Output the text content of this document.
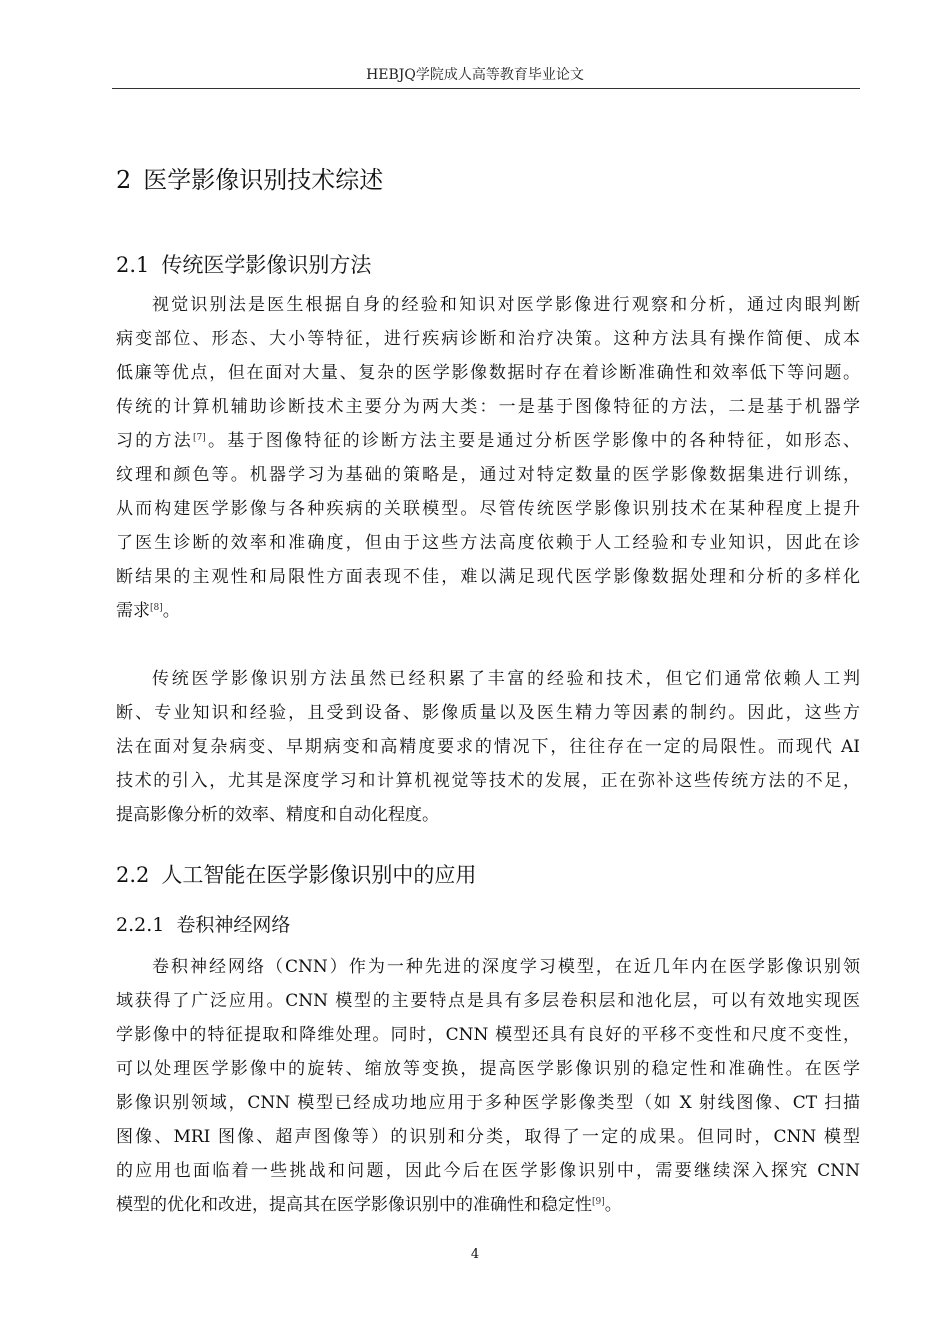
HEBJQ学院成人高等教育毕业论文
2 医学影像识别技术综述
2.1 传统医学影像识别方法
视觉识别法是医生根据自身的经验和知识对医学影像进行观察和分析，通过肉眼判断
病变部位、形态、大小等特征，进行疾病诊断和治疗决策。这种方法具有操作简便、成本
低廉等优点，但在面对大量、复杂的医学影像数据时存在着诊断准确性和效率低下等问题。
传统的计算机辅助诊断技术主要分为两大类：一是基于图像特征的方法，二是基于机器学
习的方法[7]。基于图像特征的诊断方法主要是通过分析医学影像中的各种特征，如形态、
纹理和颜色等。机器学习为基础的策略是，通过对特定数量的医学影像数据集进行训练，
从而构建医学影像与各种疾病的关联模型。尽管传统医学影像识别技术在某种程度上提升
了医生诊断的效率和准确度，但由于这些方法高度依赖于人工经验和专业知识，因此在诊
断结果的主观性和局限性方面表现不佳，难以满足现代医学影像数据处理和分析的多样化
需求[8]。
传统医学影像识别方法虽然已经积累了丰富的经验和技术，但它们通常依赖人工判
断、专业知识和经验，且受到设备、影像质量以及医生精力等因素的制约。因此，这些方
法在面对复杂病变、早期病变和高精度要求的情况下，往往存在一定的局限性。而现代 AI
技术的引入，尤其是深度学习和计算机视觉等技术的发展，正在弥补这些传统方法的不足，
提高影像分析的效率、精度和自动化程度。
2.2 人工智能在医学影像识别中的应用
2.2.1 卷积神经网络
卷积神经网络（CNN）作为一种先进的深度学习模型，在近几年内在医学影像识别领
域获得了广泛应用。CNN 模型的主要特点是具有多层卷积层和池化层，可以有效地实现医
学影像中的特征提取和降维处理。同时，CNN 模型还具有良好的平移不变性和尺度不变性，
可以处理医学影像中的旋转、缩放等变换，提高医学影像识别的稳定性和准确性。在医学
影像识别领域，CNN 模型已经成功地应用于多种医学影像类型（如 X 射线图像、CT 扫描
图像、MRI 图像、超声图像等）的识别和分类，取得了一定的成果。但同时，CNN 模型
的应用也面临着一些挑战和问题，因此今后在医学影像识别中，需要继续深入探究 CNN
模型的优化和改进，提高其在医学影像识别中的准确性和稳定性[9]。
4
